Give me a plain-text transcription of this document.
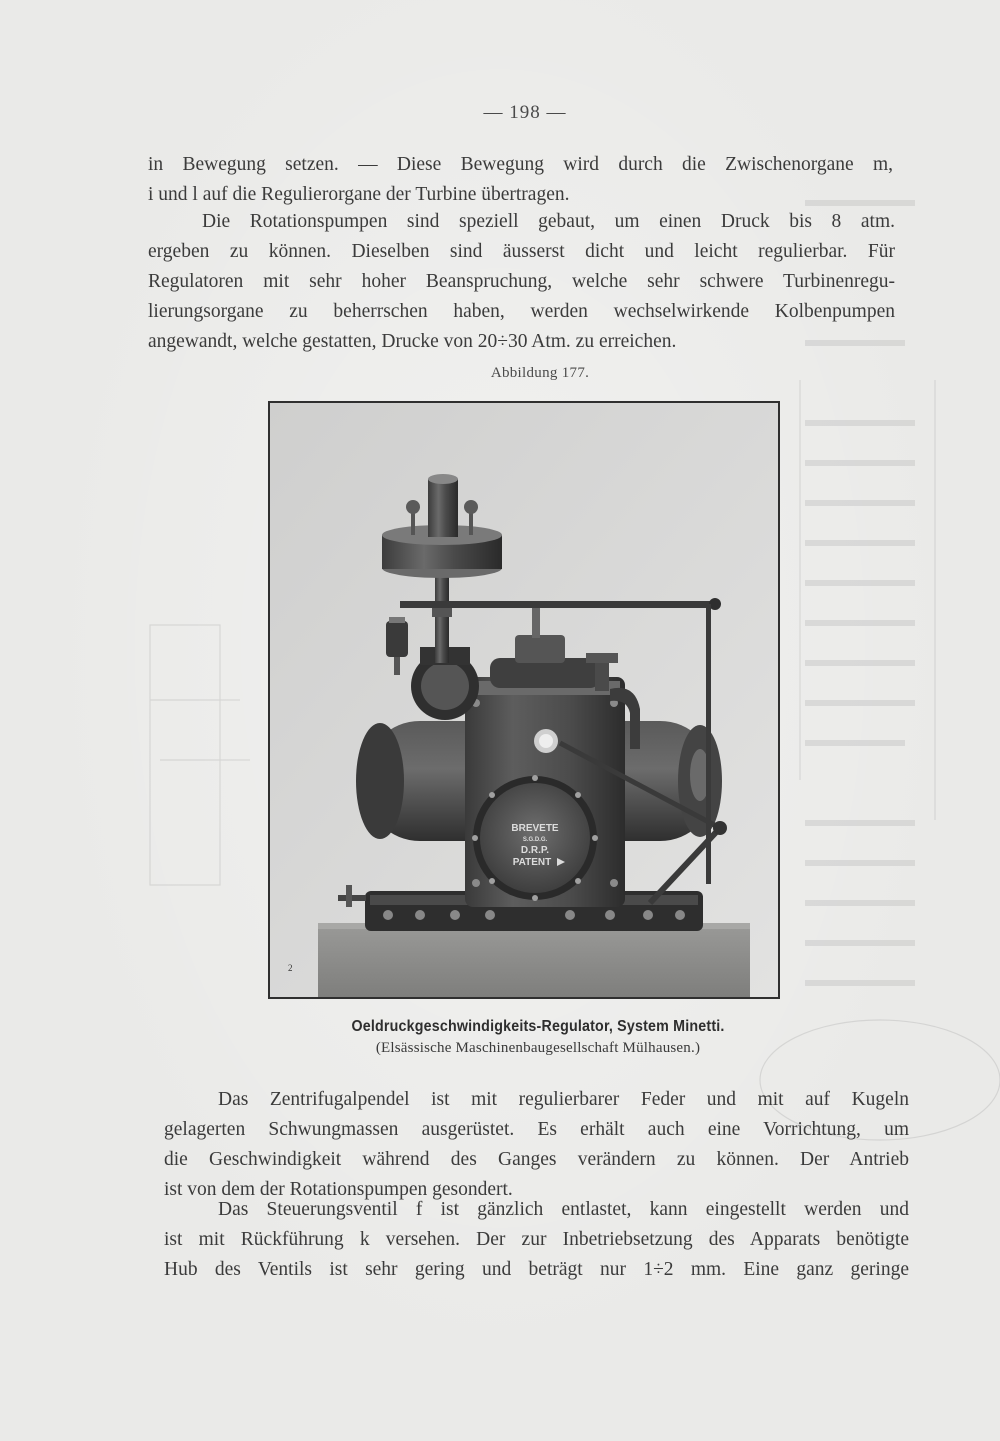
— 198 —

in Bewegung setzen. — Diese Bewegung wird durch die Zwischenorgane m,
i und l auf die Regulierorgane der Turbine übertragen.

Die Rotationspumpen sind speziell gebaut, um einen Druck bis 8 atm.
ergeben zu können. Dieselben sind äusserst dicht und leicht regulierbar. Für
Regulatoren mit sehr hoher Beanspruchung, welche sehr schwere Turbinenregu-
lierungsorgane zu beherrschen haben, werden wechselwirkende Kolbenpumpen
angewandt, welche gestatten, Drucke von 20÷30 Atm. zu erreichen.

Abbildung 177.
BREVETE
S.G.D.G.
D.R.P.
PATENT
2
Oeldruckgeschwindigkeits-Regulator, System Minetti.
(Elsässische Maschinenbaugesellschaft Mülhausen.)

Das Zentrifugalpendel ist mit regulierbarer Feder und mit auf Kugeln
gelagerten Schwungmassen ausgerüstet. Es erhält auch eine Vorrichtung, um
die Geschwindigkeit während des Ganges verändern zu können. Der Antrieb
ist von dem der Rotationspumpen gesondert.

Das Steuerungsventil f ist gänzlich entlastet, kann eingestellt werden und
ist mit Rückführung k versehen. Der zur Inbetriebsetzung des Apparats benötigte
Hub des Ventils ist sehr gering und beträgt nur 1÷2 mm. Eine ganz geringe
